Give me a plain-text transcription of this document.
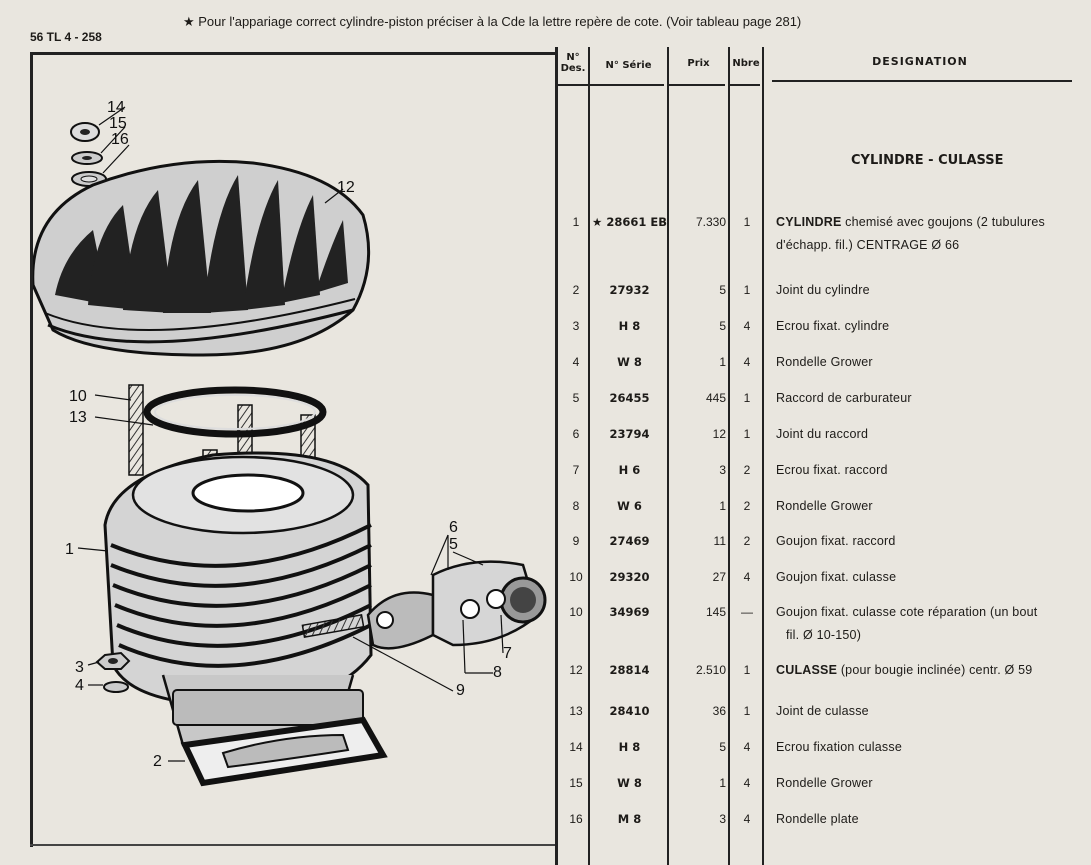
56 TL 4 - 258
★ Pour l'appariage correct cylindre-piston préciser à la Cde la lettre repère de cote. (Voir tableau page 281)
14
15
16
12
10
13
1
6
5
7
8
9
3
4
2
N°
Des.	N° Série	Prix	Nbre	DESIGNATION
CYLINDRE - CULASSE
1	★ 28661 EB	7.330	1	CYLINDRE chemisé avec goujons (2 tubulures
d'échapp. fil.) CENTRAGE Ø 66
2	27932	5	1	Joint du cylindre
3	H 8	5	4	Ecrou fixat. cylindre
4	W 8	1	4	Rondelle Grower
5	26455	445	1	Raccord de carburateur
6	23794	12	1	Joint du raccord
7	H 6	3	2	Ecrou fixat. raccord
8	W 6	1	2	Rondelle Grower
9	27469	11	2	Goujon fixat. raccord
10	29320	27	4	Goujon fixat. culasse
10	34969	145	—	Goujon fixat. culasse cote réparation (un bout
fil. Ø 10-150)
12	28814	2.510	1	CULASSE (pour bougie inclinée) centr. Ø 59
13	28410	36	1	Joint de culasse
14	H 8	5	4	Ecrou fixation culasse
15	W 8	1	4	Rondelle Grower
16	M 8	3	4	Rondelle plate
